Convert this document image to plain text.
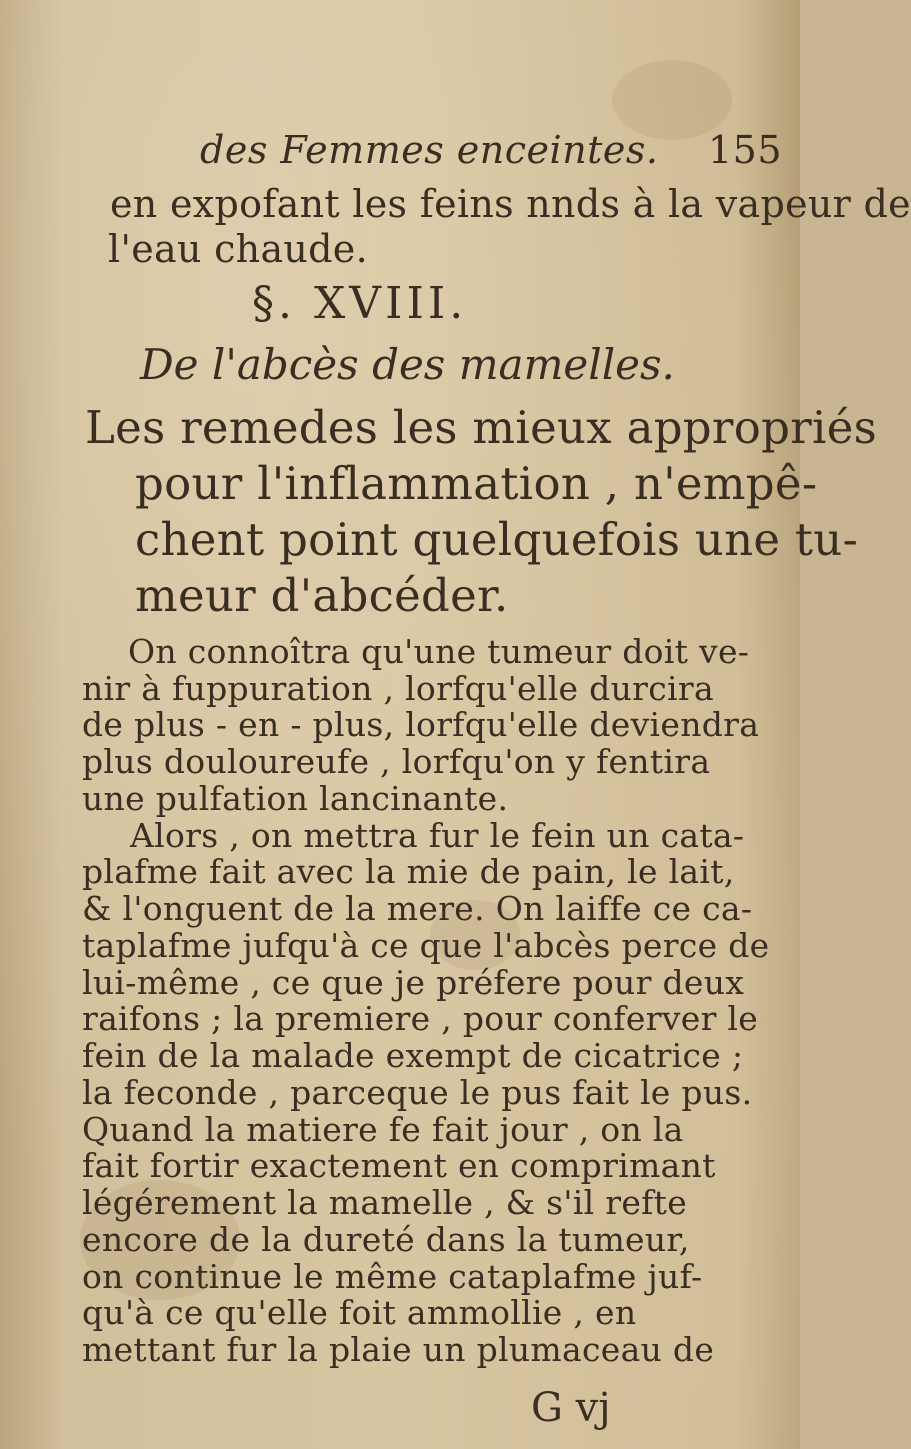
des Femmes enceintes. 155
en expofant les feins nnds à la vapeur de
l'eau chaude.
§. XVIII.
De l'abcès des mamelles.
Les remedes les mieux appropriés
pour l'inflammation , n'empê-
chent point quelquefois une tu-
meur d'abcéder.
On connoîtra qu'une tumeur doit ve-
nir à fuppuration , lorfqu'elle durcira
de plus - en - plus, lorfqu'elle deviendra
plus douloureufe , lorfqu'on y fentira
une pulfation lancinante.
Alors , on mettra fur le fein un cata-
plafme fait avec la mie de pain, le lait,
& l'onguent de la mere. On laiffe ce ca-
taplafme jufqu'à ce que l'abcès perce de
lui-même , ce que je préfere pour deux
raifons ; la premiere , pour conferver le
fein de la malade exempt de cicatrice ;
la feconde , parceque le pus fait le pus.
Quand la matiere fe fait jour , on la
fait fortir exactement en comprimant
légérement la mamelle , & s'il refte
encore de la dureté dans la tumeur,
on continue le même cataplafme juf-
qu'à ce qu'elle foit ammollie , en
mettant fur la plaie un plumaceau de
G vj
